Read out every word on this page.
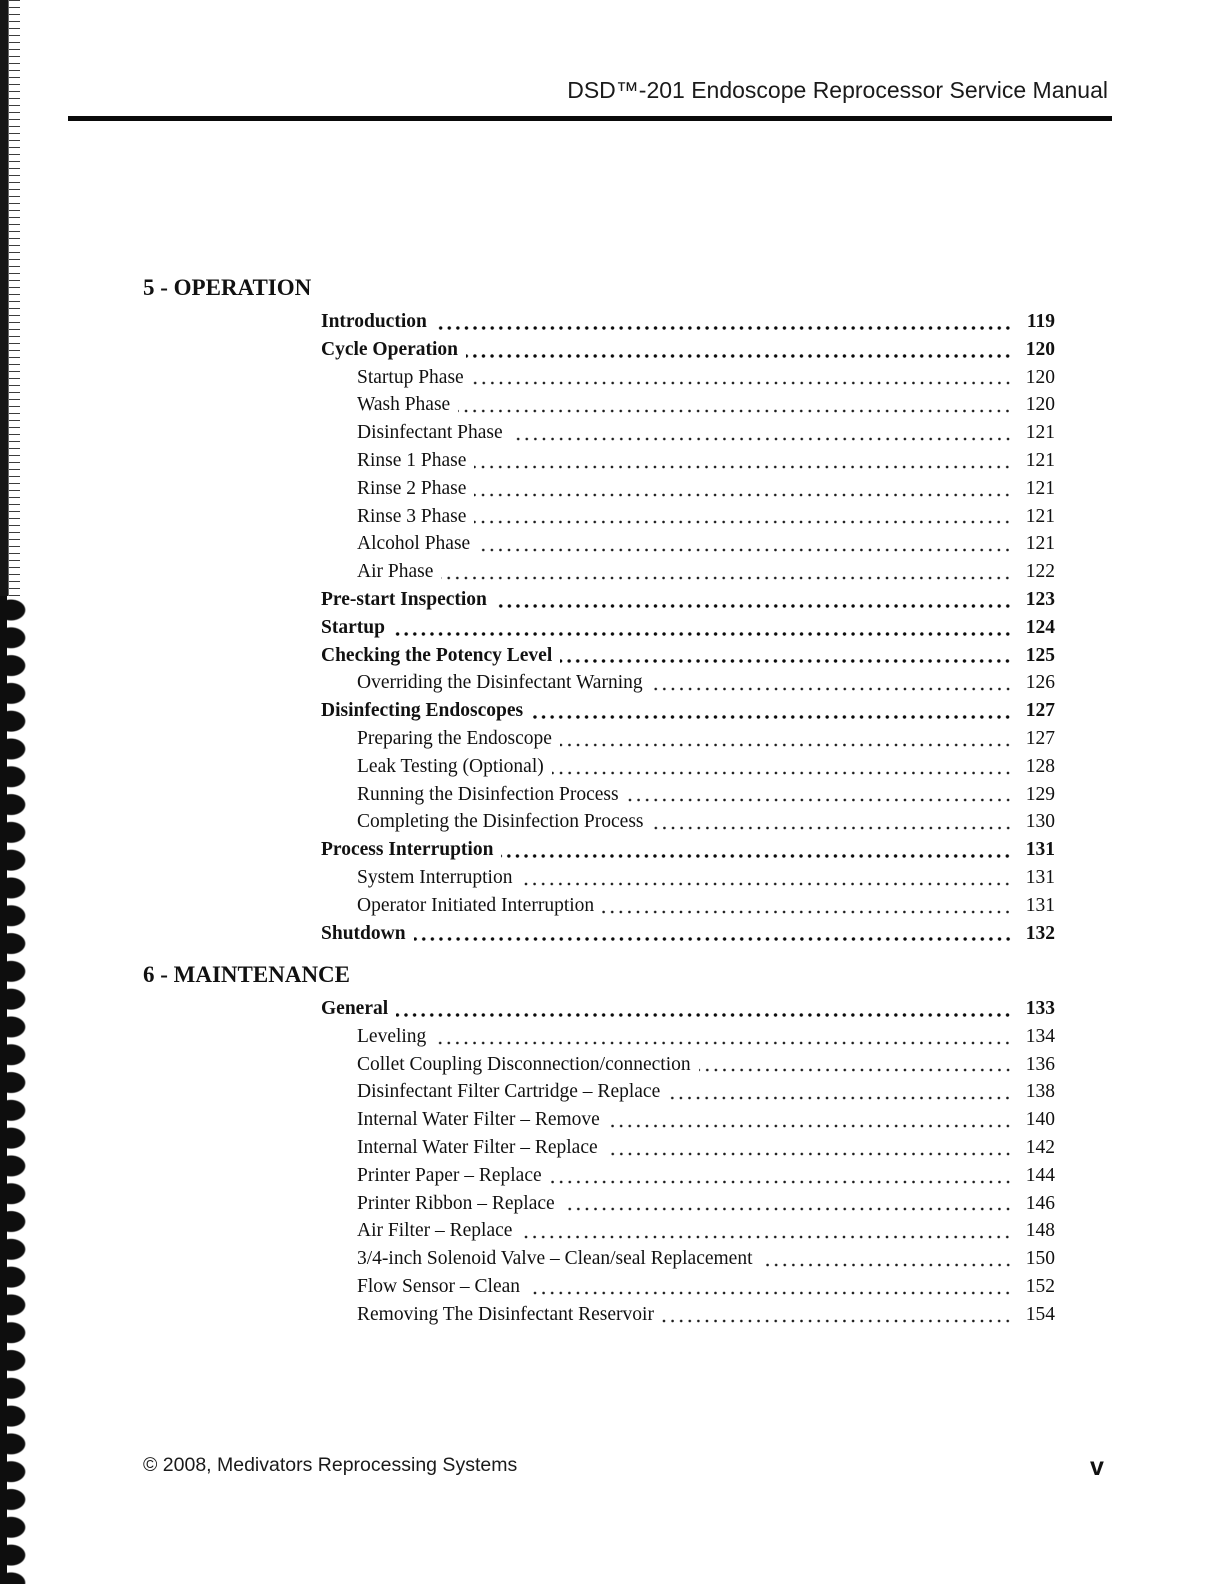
DSD™-201 Endoscope Reprocessor Service Manual
5 - OPERATION
Introduction	119
Cycle Operation	120
Startup Phase	120
Wash Phase	120
Disinfectant Phase	121
Rinse 1 Phase	121
Rinse 2 Phase	121
Rinse 3 Phase	121
Alcohol Phase	121
Air Phase	122
Pre-start Inspection	123
Startup	124
Checking the Potency Level	125
Overriding the Disinfectant Warning	126
Disinfecting Endoscopes	127
Preparing the Endoscope	127
Leak Testing (Optional)	128
Running the Disinfection Process	129
Completing the Disinfection Process	130
Process Interruption	131
System Interruption	131
Operator Initiated Interruption	131
Shutdown	132
6 - MAINTENANCE
General	133
Leveling	134
Collet Coupling Disconnection/connection	136
Disinfectant Filter Cartridge – Replace	138
Internal Water Filter – Remove	140
Internal Water Filter – Replace	142
Printer Paper – Replace	144
Printer Ribbon – Replace	146
Air Filter – Replace	148
3/4-inch Solenoid Valve – Clean/seal Replacement	150
Flow Sensor – Clean	152
Removing The Disinfectant Reservoir	154
© 2008, Medivators Reprocessing Systems	v
